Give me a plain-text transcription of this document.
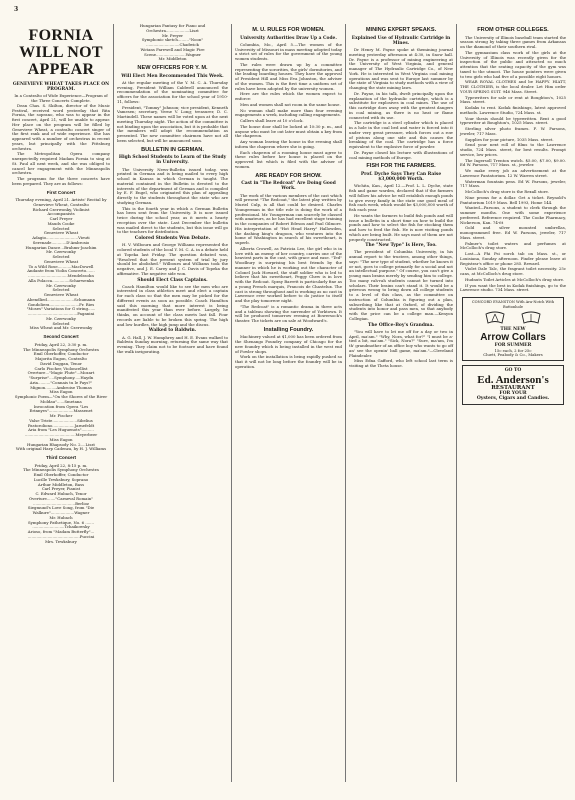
3
FORNIA WILL NOT APPEAR
GENEVIEVE WHEAT TAKES PLACE ON PROGRAM.
In a Contralto of Wide Experience—Program of the Three Concerts Complete.
Dean Chas. S. Skilton, director of the Music Festival, received word yesterday that Rita Fornia, the soprano, who was to appear in the first concert, April 21, will be unable to appear. Her place on the program will be filled by Genevieve Wheat, a contralto concert singer of the first rank and of wide experience. She has appeared with a number of orchestras in recent years, but principally with the Pittsburg orchestra.
The Metropolitan Opera company unexpectedly required Madam Fornia to sing at St. Paul all next week, and she was obliged to cancel her engagement with the Minneapolis orchestra.
The programs for the three concerts have been prepared. They are as follows:
First Concert
Thursday evening, April 21. Artists' Recital by
Genevieve Wheat, Contralto
Richard Czerwonky, Violinist
Accompanists
Carl Preyer
Mauds Cooke
Selected
Genevieve Wheat
Adagio..........................Vieuti
Serenade............D'Ambrosio
Hungarian Dance...Brahms-Joachim
Mr. Czerwonky
Selected
Genevieve Wheat
To a Wild Rose...........MacDowell
Andante from Violin Concerto.......
................................Mendelssohn
Alla Polacca..............Scharwenka
Mr. Czerwonky
Selected
Genevieve Wheat
Abendlied......................Schumann
Gondoliera........................Fr. Ries
"Moses" Variations for G string......
........................................Paganini
Mr. Czerwonky
Selected
Miss Wheat and Mr. Czerwonky
Second Concert
Friday, April 22, 3:30 p. m.
The Minneapolis Symphony Orchestra
Emil Oberhoffer, Conductor
Majorita Eagon, Contralto
David Duggan, Tenor
Carlo Fischer, Violoncellist
Overture..."Magic Flute"...Mozart
"Surprise"....Symphony.....Haydn
Aria.........."Connais tu le Pays?"
Mignon.........Ambroise Thomas
Miss Eagon
Symphonic Poem—"On the Shores of the River Moldau"......Smetana
Invocation from Opera "Les Erinnyes"....................Massenet
Mr. Fischer
Valse Triste....................Sibelius
Pastoroliono..................Jarnefeldt
Aria from "Les Huguenots"..........
.........................................Meyerbeer
Miss Eagon
Hungarian Rhapsody No. 2....Liszt
With original Harp Cadenza, by H. J. Williams
Third Concert
Friday, April 22, 8:15 p. m.
The Minneapolis Symphony Orchestra
Emil Oberhoffer, Conductor
Lucille Tewksbury, Soprano
Arthur Middleton, Bass
Carl Preyer, Pianist
C. Edward Hubach, Tenor
Overture......."Carneval Romain"
..................................Berlioz
Siegmund's Love Song, from "Die Walkure"...................Wagner
Mr. Hubach
Symphony Pathetique, No. 6 .......
..........................Tchaikowsky
Arioso, from "Madam Butterfly"...
..........................................Puccini
Mrs. Tewksbury
Hungarian Fantasy for Piano and Orchestra...................Liszt
Mr. Preyer
Symphonic sketch........."Noon"
...........................Chadwick
Wotans Farewell and Magic Fire Scene........................Wagner
Mr. Middleton
NEW OFFICERS FOR Y. M.
Will Elect Men Recommended This Week.
At the regular meeting of the Y. M. C. A. Thursday evening, President William Caldwell announced the recommendation of the nominating committee for officers for the association for the school year of 1910-11, follows:
President, "Tommy" Johnson; vice president, Kenneth Vamesen; secretary, Verne V. Long; treasurer, D. C. Martindell. These names will be voted upon at the next meeting Thursday night. The action of the committee is not binding upon the association, but it is probable that the members will adopt the recommendation as presented. The new committee chairmen have not all been selected, but will be announced soon.
BULLETIN IN GERMAN.
High School Students to Learn of the Study in University.
The University News-Bulletin issued today, was printed in German and is being mailed to every high school in Kansas in which German is taught. The material contained in the Bulletin is devoted to the interests of the department of German and is compiled by E. F. Engel, who originated this plan of appealing directly to the students throughout the state who are studying German.
This is the fourth year in which a German Bulletin has been sent from the University. It is now issued twice during the school year, as it meets a hearty reception over the state. Last December the bulletin was mailed direct to the students, but this issue will go to the teachers for distribution.
Colored Students Won Debate.
H. V. Wilbourn and George Williams represented the colored students of the local Y. M. C. A. in a debate held at Topeka last Friday. The question debated was, "Resolved that the present system of trial by jury should be abolished." Wilbourn and Williams took the negative, and J. E. Carey and J. C. Davis of Topeka the affirmative. The negative side won.
Should Elect Class Captains.
Coach Hamilton would like to see the men who are interested in class athletics meet and elect a captain for each class so that the men may be picked for the different events as soon as possible. Coach Hamilton said this morning that more interest is being manifested this year than ever before. Largely, he thinks, on account of the class meets last fall. Four records are liable to be broken this spring. The high and low hurdles, the high jump and the discus.
Walked to Baldwin.
A. G. Hall, J. W. Humphrey and H. E. Evans walked to Baldwin Sunday morning, returning the same way that evening. They claim not to be footsore and have found the walk invigorating.
M. U. RULES FOR WOMEN.
University Authorities Draw Up a Code.
Columbia, Mo., April 5.—The women of the University of Missouri in mass meeting adopted today a strict set of rules for the government of the young women students.
The rules were drawn up by a committee representing the sororities, the girls' dormitories, and the leading boarding houses. They have the approval of President Hill and Miss Eva Johnston, the adviser of the women. This is the first time a uniform set of rules have been adopted by the university women.
Here are the rules which the women expect to enforce:
Men and women shall not room in the same house.
No woman shall make more than four evening engagements a week, including calling engagements.
Callers shall leave at 10 o'clock.
The house door shall be locked at 10:30 p. m., and anyone who must be out later must obtain a key from the chaperon.
Any woman leaving the house in the evening shall inform the chaperon where she is going.
Each chaperon of a rooming house must agree to these rules before her house is placed on the approved list which is filed with the adviser of women.
ARE READY FOR SHOW.
Cast in "The Redcoat" Are Doing Good Work.
The work of the various members of the cast which will present "The Redcoat," the latest play written by Muriel Culp, is all that could be desired. Charles Youngerman in the title role is doing the work of a professional. Mr. Youngerman can scarcely be classed with amateurs, as he has had excellent stage training in the companies of Robert Edeson and Paul Gilmore. His interpretation of "Hot Head Harry" Hallowden, the dashing king's dragoon, who ventures into the home of Washington in search of his sweetheart, is superb.
Alberta Crowell, as Patricia Lee, the girl who is in love with an enemy of her country, carries one of the heaviest parts in the cast, with grace and ease. "Ted" Woodbury is surprising his best friends by the manner in which he is working out the character of Colonel Jack Howard, the staff soldier who is led to believe that his sweetheart, Peggy Chew is in love with the Redcoat. Spray Barrett is particularly fine as a young French marquis, Francois de Chastelux. The cast is strong throughout and is working as no cast in Lawrence ever worked before to do justice to itself and the play tomorrow night.
"The Redcoat" is a romantic drama in three acts and a tableau showing the surrender of Yorktown. It will be produced tomorrow evening at Bowersock's theater. The tickets are on sale at Woodward's.
Installing Foundry.
Machinery valued at $1,000 has been ordered from the Shenango Foundry company of Chicago for the new foundry which is being installed in the west end of Fowler shops.
Work on the installation is being rapidly pushed so that it will not be long before the foundry will be in operation.
MINING EXPERT SPEAKS.
Explained Use of Hydraulic Cartridge in Mines.
Dr Henry M. Payne spoke at themining journal meeting yesterday afternoon at 4:30, in Snow hall. Dr. Payne is a professor of mining engineering at the University of West Virginia, and general manager of The Hydraulic Cartridge Co., of New York. He is interested in West Virginia coal mining operations and was sent to Europe last summer by the state of Virginia to study methods with a view of changing the state mining laws.
Dr. Payne, in his talk, dwelt principally upon the explanation of the hydraulic cartridge, which is a substitute for explosives in coal mines. The use of this cartridge does away with the greatest dangers in coal mining, as there is no heat or flame connected with its use.
The cartridge is a steel cylinder which is placed in a hole in the coal bed and water is forced into it under very great pressure, which forces out a row of pistons along one side and this causes the breaking of the coal. The cartridge has a force equivalent to the explosive force of powder.
Dr. Payne closed his lecture with illustrations of coal mining methods of Europe.
FISH FOR THE FARMERS.
Prof. Dyche Says They Can Raise $3,000,000 Worth.
Wichita, Kan., April 12.—Prof. L. L. Dyche, state fish and game warden, declared that if the farmers will follow his advice he will establish enough ponds to give every family in the state one good meal of fish each week, which would be $3,000,000 worth of fish each year.
He wants the farmers to build fish ponds and will issue a bulletin in a short time on how to build the ponds and how to select the fish for stocking them and how to feed the fish. He is now visiting ponds which are being built. He says most of them are not properly constructed.
The "New Type" Is Here, Too.
The president of Columbia University, in his annual report to the trustees, among other things, says: "The new type of student, whether he knows it or not, goes to college primarily for a social and not an intellectual purpose." Of course, you can't give a young man brains merely by sending him to college. Too many rah-rah students cannot be turned into scholars. Their brains can't stand it. It would be a grievous wrong to bring down all college students to a level of this class, as the committee on instruction of Columbia is figuring out a plan, subscribing like that at Oxford, of dividing the students into honor and pass men, so that anybody with the price can be a college man.—Kenyon Collegian.
The Office-Boy's Grandma.
"You will have to let me off for a day or two in April, ma'am." "Why, Nora, what for?" "I must be a-tied a bit, ma'am." "Sick, Nora?" "Sure, ma'am, I'm th' grandmother of an office boy who wants to go off an' see the openin' ball game, ma'am."—Cleveland Plaindealer.
Miss Edna Gafford, who left school last term is visiting at the Theta house.
FROM OTHER COLLEGES.
The University of Illinois baseball team started the season strong by taking three games from Arkansas on the diamond of their southern rival.
The gymnasium class work of the girls at the University of Illinois was recently given for the inspection of the public and attracted so much attention that the seating capacity of the gym was taxed to the utmost. The house pointers were given to two girls who had five of a possible eight honors.
WEAR ROYAL CLOTHES and be HAPPY. HIATT, THE CLOTHIER, is the local dealer. Let Him order YOUR SPRING SUIT. 946 Mass. Street.
Typewriters for sale or rent at Boughton's, 1025 Mass. street.
Kodaks to rent. Kodak finishings, latest approved methods. Lawrence Studio, 724 Mass. st.
Your thesis should be typewritten. Rent a good typewriter at Boughton's, 1025 Mass. street.
Sterling silver photo frames. F. W. Parsons, jeweler, 717 Mass.
Supplies for your picture, 1035 Mass. street.
Send your next roll of films to the Lawrence studio, 724 Mass. street, for best results. Prompt service, low prices.
The Ingersoll Trenton watch. $5.00, $7.00, $9.00. Ed W. Parsons, 717 Mass. st., jeweler.
We make every job an advertisement at the Lawrence Pantatorium. 12 W. Warren street.
Waterman fountain pens. Ed W. Parsons, jeweler, 717 Mass.
McColloch's drug store is the Rexall store.
Nine proms for a dollar. Get a ticket. Reynold's Pantatorium 1019 Mass. Bell 1993, Home 144.
Wanted—Parsons, a student to clerk through the summer months. One with some experience preferred. Reference required. The Cooke Pharmacy, Nickerson, Kan. 74-6t
Gold and silver mounted umbrellas, monogrammed free. Ed W. Parsons, jeweler, 717 Mass. street.
Palmer's toilet waters and perfumes at McColloch's drug store.
Lost—A Phi Psi sorch tab on Mass. st., or Louisiana, Sunday afternoon. Finder please leave at Registrar's office or phone 285. Reward.
Violet Dale Talc, the fragrant toilet necessity. 25c cans, at McColloch's drug store.
Hudnuts Toilet Articles at McColloch's drug store.
If you want the best in Kodak finishings, go to the Lawrence studio. 734 Mass. street.
CONCORD EVANSTON With Ara-Notch With Buttonhole
THE NEW
Arrow Collars
FOR SUMMER
15c each, 2 for 25c
Cluett, Peabody & Co., Makers
GO TO
Ed. Anderson's
RESTAURANT
FOR YOUR
Oysters, Cigars and Candies.
